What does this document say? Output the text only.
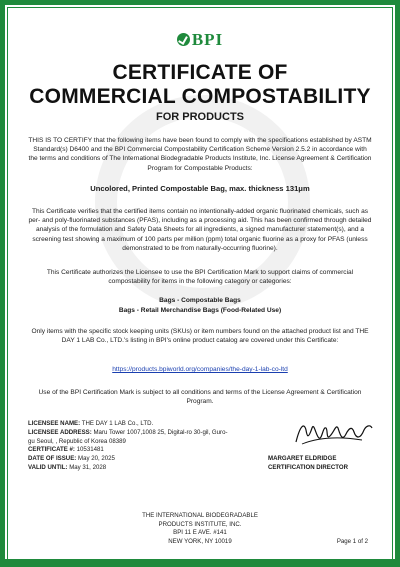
BPI
CERTIFICATE OF
COMMERCIAL COMPOSTABILITY
FOR PRODUCTS
THIS IS TO CERTIFY that the following items have been found to comply with the specifications established by ASTM Standard(s) D6400 and the BPI Commercial Compostability Certification Scheme Version 2.5.2 in accordance with the terms and conditions of The International Biodegradable Products Institute, Inc. License Agreement & Certification Program for Compostable Products:
Uncolored, Printed Compostable Bag, max. thickness 131μm
This Certificate verifies that the certified items contain no intentionally-added organic fluorinated chemicals, such as per- and poly-fluorinated substances (PFAS), including as a processing aid. This has been confirmed through detailed analysis of the formulation and Safety Data Sheets for all ingredients, a signed manufacturer statement(s), and a screening test showing a maximum of 100 parts per million (ppm) total organic fluorine as a proxy for PFAS (unless demonstrated to be from naturally-occurring fluorine).
This Certificate authorizes the Licensee to use the BPI Certification Mark to support claims of commercial compostability for items in the following category or categories:
Bags - Compostable Bags
Bags - Retail Merchandise Bags (Food-Related Use)
Only items with the specific stock keeping units (SKUs) or item numbers found on the attached product list and THE DAY 1 LAB Co., LTD.'s listing in BPI's online product catalog are covered under this Certificate:
https://products.bpiworld.org/companies/the-day-1-lab-co-ltd
Use of the BPI Certification Mark is subject to all conditions and terms of the License Agreement & Certification Program.
LICENSEE NAME: THE DAY 1 LAB Co., LTD.
LICENSEE ADDRESS: Maru Tower 1007,1008 25, Digital-ro 30-gil, Guro-gu Seoul, , Republic of Korea 08389
CERTIFICATE #: 10531481
DATE OF ISSUE: May 20, 2025
VALID UNTIL: May 31, 2028
MARGARET ELDRIDGE
CERTIFICATION DIRECTOR
THE INTERNATIONAL BIODEGRADABLE
PRODUCTS INSTITUTE, INC.
BPI 11 E AVE. #141
NEW YORK, NY 10019	Page 1 of 2
